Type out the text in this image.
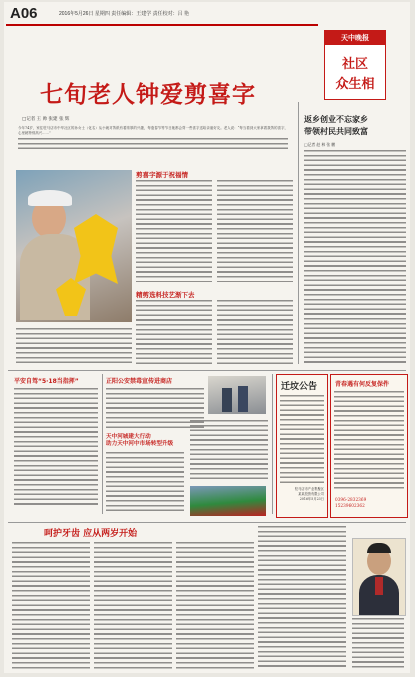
A06	2016年5月26日 星期四 责任编辑：王建学 责任校对：吕 艳
天中晚报
社区
众生相
七旬老人钟爱剪喜字
□记者 王 帅 张建 张 辉
今年74岁，家住驻马店市中华社区的孙女士（化名）从小就对剪纸有着浓厚的兴趣，每逢春节等节日她都会剪一些喜字送给亲朋好友。老人说：“每当看到大家拿着我剪的喜字，心里就特别高兴……”
剪喜字源于祝福情
精剪选料技艺渐下去
返乡创业不忘家乡
带领村民共同致富
□记者 赵 林 张 鹏
平安自驾“5·18当指挥”	正阳公安禁毒宣传进商店
天中河城建大行动
助力天中河中市场转型升级
迁坟公告
驻马店市产业集聚区
某某投资有限公司
2016年5月23日
青春遇有何反复保件
0396-2832369
15239602362
呵护牙齿 应从两岁开始
